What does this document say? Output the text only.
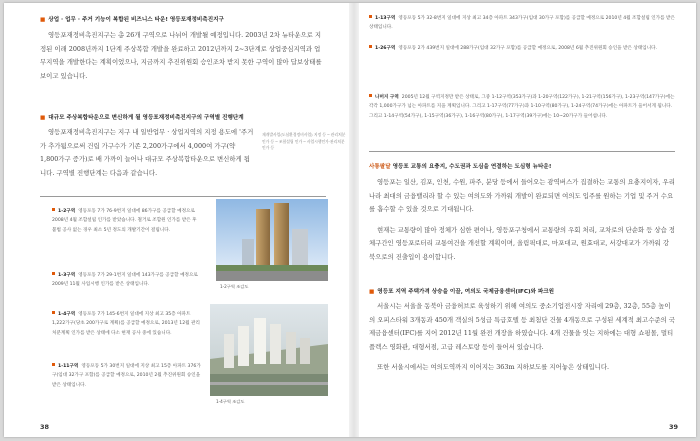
■ 상업 · 업무 · 주거 기능이 복합된 비즈니스 타운! 영등포재정비촉진지구

영등포재정비촉진지구는 총 26개 구역으로 나뉘어 개발될 예정입니다. 2003년 2차 뉴타운으로 지정된 이래 2008년까지 1단계 주상복합 개발을 완료하고 2012년까지 2~3단계로 상업중심지역과 업무지역을 개발한다는 계획이었으나, 지금까지 추진위원회 승인조차 받지 못한 구역이 많아 답보상태를 보이고 있습니다.

■ 대규모 주상복합타운으로 변신하게 될 영등포재정비촉진지구의 구역별 진행단계

영등포재정비촉진지구는 지구 내 일반업무 · 상업지역의 지정 용도에 '주거가 추가됨으로써 건립 가구수가 기존 2,200가구에서 4,000여 가구(약 1,800가구 증가)로 배 가까이 늘어나 대규모 주상복합타운으로 변신하게 됩니다. 구역별 진행단계는 다음과 같습니다.

재개발사업(도심환경정비사업) 지정 등 ─ 관리처분인가 등 ─ 조합설립 인가 ─ 사업시행인가·관리처분 인가 등
1-2구역 영등포동 7가 76-9번지 일대에 86가구를 공급할 예정으로 2008년 4월 조합설립 인가를 받았습니다. 철거로 조합원 인가를 받은 후 불법 공사 없는 경우 최소 5년 정도의 개발기간이 걸립니다.
1-3구역 영등포동 7가 29-1번지 일대에 143가구를 공급할 예정으로 2009년 11월 사업시행 인가를 받은 상태입니다.
1-4구역 영등포동 7가 145-6번지 일대에 지상 최고 35층 아파트 1,222가구(당초 200가구로 계획)를 공급할 예정으로, 2013년 12월 관리처분계획 인가를 받은 상태에 다소 현재 공사 중에 있습니다.
1-11구역 영등포동 5가 30번지 일대에 지상 최고 15층 아파트 376가구(임대 32가구 포함)를 공급할 예정으로, 2010년 2월 추진위원회 승인을 받은 상태입니다.
1-2구역 조감도
1-4구역 조감도
38
1-13구역 영등포동 5가 32-8번지 일대에 지상 최고 34층 아파트 343가구(임대 30가구 포함)를 공급할 예정으로 2010년 4월 조합설립 인가를 받은 상태입니다.
1-26구역 영등포동 2가 439번지 일대에 288가구(임대 32가구 포함)를 공급할 예정으로, 2008년 6월 추진위원회 승인을 받은 상태입니다.
나머지 구역 2005년 12월 구역지정만 받은 상태로, 그중 1-12구역(353가구)과 1-20구역(122가구), 1-21구역(156가구), 1-23구역(147가구)에는 각각 1,000가구가 넘는 아파트를 지을 계획입니다. 그리고 1-17구역(77가구)과 1-10구역(80가구), 1-24구역(74가구)에는 아파트가 들어서게 됩니다. 그리고 1-14구역(54가구), 1-15구역(36가구), 1-16구역(80가구), 1-17구역(39가구)에는 10~20가구가 들어섭니다.
사통팔달 영등포 교통의 요충지, 수도권과 도심을 연결하는 도심형 뉴타운!

영등포는 일산, 김포, 인천, 수원, 파주, 분당 등에서 들어오는 광역버스가 집결하는 교통의 요충지이자, 우리나라 최대의 금융밸리라 할 수 있는 여의도와 가까워 개발이 완료되면 여의도 입주를 원하는 기업 및 주거 수요를 흡수할 수 있을 것으로 기대됩니다.

현재는 교통량이 많아 정체가 심한 편이나, 영등포구청에서 교통량의 우회 처리, 교차로의 단순화 등 상습 정체구간인 영등포로터리 교통여건을 개선할 계획이며, 올림픽대로, 마포대교, 원효대교, 서강대교가 가까워 강북으로의 진출입이 용이합니다.

■ 영등포 지역 주택가격 상승을 이끌, 여의도 국제금융센터(IFC)와 파크원

서울시는 서울을 동북아 금융허브로 육성하기 위해 여의도 중소기업전시장 자리에 29층, 32층, 55층 높이의 오피스타워 3개동과 450개 객실의 5성급 특급호텔 등 최첨단 건물 4개동으로 구성된 세계적 최고수준의 국제금융센터(IFC)를 지어 2012년 11월 완전 개장을 하였습니다. 4개 건물을 잇는 지하에는 대형 쇼핑몰, 멀티플렉스 영화관, 대형서점, 고급 레스토랑 등이 들어서 있습니다.

또한 서울시에서는 여의도역까지 이어지는 363m 지하보도를 지어놓은 상태입니다.

39
